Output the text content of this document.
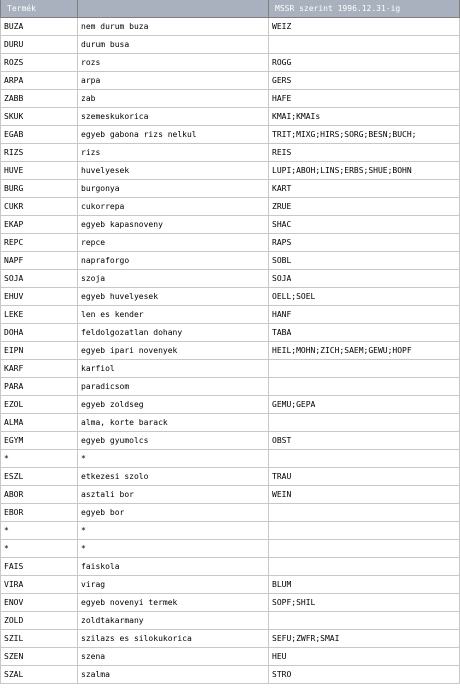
Termék		MSSR szerint 1996.12.31-ig
BUZA	nem durum buza	WEIZ
DURU	durum busa	
ROZS	rozs	ROGG
ARPA	arpa	GERS
ZABB	zab	HAFE
SKUK	szemeskukorica	KMAI;KMAIs
EGAB	egyeb gabona rizs nelkul	TRIT;MIXG;HIRS;SORG;BESN;BUCH;
RIZS	rizs	REIS
HUVE	huvelyesek	LUPI;ABOH;LINS;ERBS;SHUE;BOHN
BURG	burgonya	KART
CUKR	cukorrepa	ZRUE
EKAP	egyeb kapasnoveny	SHAC
REPC	repce	RAPS
NAPF	napraforgo	SOBL
SOJA	szoja	SOJA
EHUV	egyeb huvelyesek	OELL;SOEL
LEKE	len es kender	HANF
DOHA	feldolgozatlan dohany	TABA
EIPN	egyeb ipari novenyek	HEIL;MOHN;ZICH;SAEM;GEWU;HOPF
KARF	karfiol	
PARA	paradicsom	
EZOL	egyeb zoldseg	GEMU;GEPA
ALMA	alma, korte barack	
EGYM	egyeb gyumolcs	OBST
*	*	
ESZL	etkezesi szolo	TRAU
ABOR	asztali bor	WEIN
EBOR	egyeb bor	
*	*	
*	*	
FAIS	faiskola	
VIRA	virag	BLUM
ENOV	egyeb novenyi termek	SOPF;SHIL
ZOLD	zoldtakarmany	
SZIL	szilazs es silokukorica	SEFU;ZWFR;SMAI
SZEN	szena	HEU
SZAL	szalma	STRO
